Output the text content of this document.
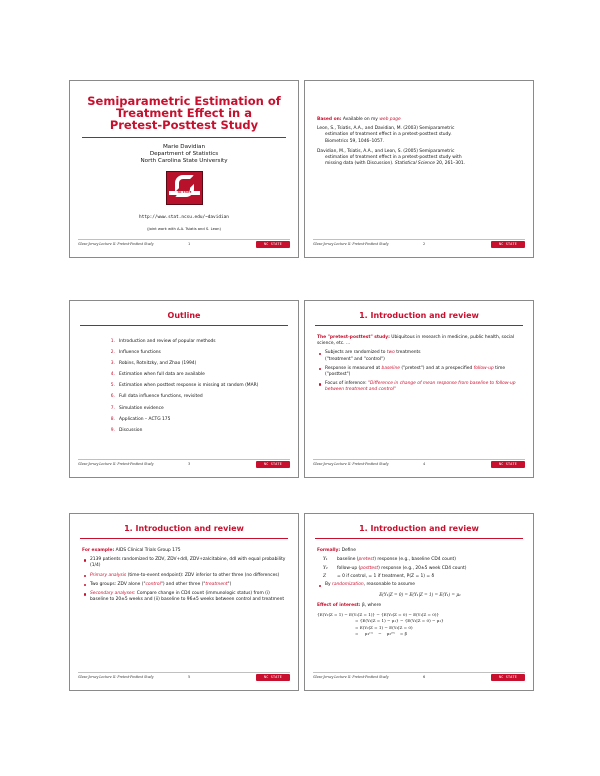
Semiparametric Estimation of
Treatment Effect in a
Pretest-Posttest Study
Marie Davidian
Department of Statistics
North Carolina State University
NC STATE
http://www.stat.ncsu.edu/~davidian
(Joint work with A.A. Tsiatis and S. Leon)
Glaxo-Jersey Lecture II: Pretest-Posttest Study	1	NC STATE UNIVERSITY
Based on: Available on my web page
Leon, S., Tsiatis, A.A., and Davidian, M. (2003) Semiparametric
estimation of treatment effect in a pretest-posttest study.
Biometrics 59, 1046–1057.
Davidian, M., Tsiatis, A.A., and Leon, S. (2005) Semiparametric
estimation of treatment effect in a pretest-posttest study with
missing data (with Discussion). Statistical Science 20, 261–301.
Glaxo-Jersey Lecture II: Pretest-Posttest Study	2	NC STATE UNIVERSITY
Outline
1. Introduction and review of popular methods
2. Influence functions
3. Robins, Rotnitzky, and Zhao (1994)
4. Estimation when full data are available
5. Estimation when posttest response is missing at random (MAR)
6. Full data influence functions, revisited
7. Simulation evidence
8. Application – ACTG 175
9. Discussion
Glaxo-Jersey Lecture II: Pretest-Posttest Study	3	NC STATE UNIVERSITY
1. Introduction and review
The "pretest-posttest" study: Ubiquitous in research in medicine, public health, social science, etc. ...
Subjects are randomized to two treatments
("treatment" and "control")
Response is measured at baseline ("pretest") and at a prespecified follow-up time ("posttest")
Focus of inference: "Difference in change of mean response from baseline to follow-up between treatment and control"
Glaxo-Jersey Lecture II: Pretest-Posttest Study	4	NC STATE UNIVERSITY
1. Introduction and review
For example: AIDS Clinical Trials Group 175
2139 patients randomized to ZDV, ZDV+ddI, ZDV+zalcitabine, ddI with equal probability (1/4)
Primary analysis (time-to-event endpoint): ZDV inferior to other three (no differences)
Two groups: ZDV alone ("control") and other three ("treatment")
Secondary analyses: Compare change in CD4 count (immunologic status) from (i) baseline to 20±5 weeks and (ii) baseline to 96±5 weeks between control and treatment
Glaxo-Jersey Lecture II: Pretest-Posttest Study	5	NC STATE UNIVERSITY
1. Introduction and review
Formally: Define
Y₁ baseline (pretest) response (e.g., baseline CD4 count)
Y₂ follow-up (posttest) response (e.g., 20±5 week CD4 count)
Z = 0 if control, = 1 if treatment, P(Z = 1) = δ
By randomization, reasonable to assume
E(Y₁|Z = 0) = E(Y₁|Z = 1) = E(Y₁) = μ₁
Effect of interest: β, where
{E(Y₂|Z = 1) − E(Y₁|Z = 1)} − {E(Y₂|Z = 0) − E(Y₁|Z = 0)}
= {E(Y₂|Z = 1) − μ₁} − {E(Y₂|Z = 0) − μ₁}
= E(Y₂|Z = 1) − E(Y₂|Z = 0)
=     μ₂⁽¹⁾    −    μ₂⁽⁰⁾    = β
Glaxo-Jersey Lecture II: Pretest-Posttest Study	6	NC STATE UNIVERSITY
